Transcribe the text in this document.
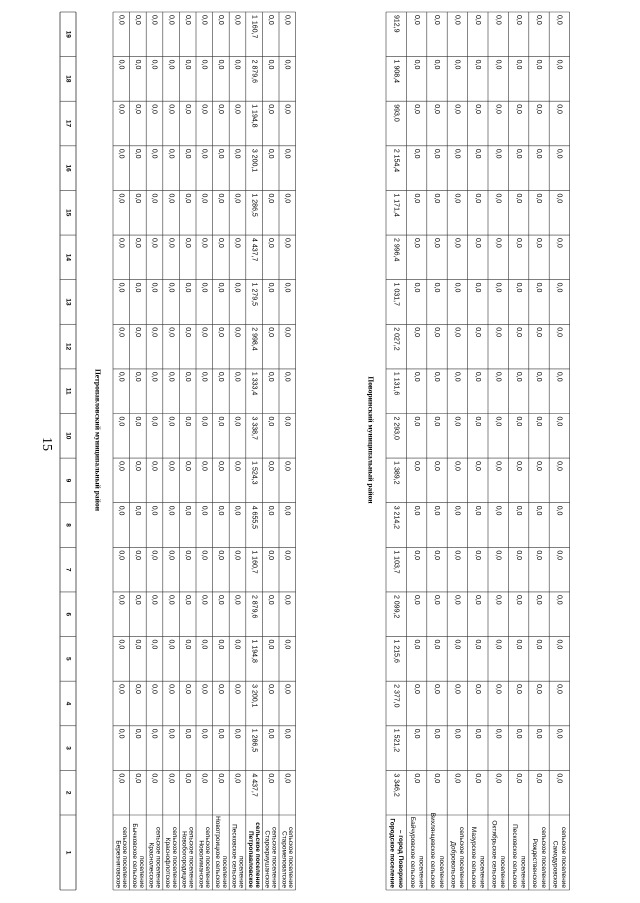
15	Петропавловский муниципальный район	Поворинский муниципальный район
1
2
3
4
5
6
7
8
9
10
11
12
13
14
15
16
17
18
19
Березняговское сельское поселение
0,0
0,0
0,0
0,0
0,0
0,0
0,0
0,0
0,0
0,0
0,0
0,0
0,0
0,0
0,0
0,0
0,0
0,0
Бычковское сельское поселение
0,0
0,0
0,0
0,0
0,0
0,0
0,0
0,0
0,0
0,0
0,0
0,0
0,0
0,0
0,0
0,0
0,0
0,0
Краснолесское сельское поселение
0,0
0,0
0,0
0,0
0,0
0,0
0,0
0,0
0,0
0,0
0,0
0,0
0,0
0,0
0,0
0,0
0,0
0,0
Краснофлотское сельское поселение
0,0
0,0
0,0
0,0
0,0
0,0
0,0
0,0
0,0
0,0
0,0
0,0
0,0
0,0
0,0
0,0
0,0
0,0
Новобогородицкое сельское поселение
0,0
0,0
0,0
0,0
0,0
0,0
0,0
0,0
0,0
0,0
0,0
0,0
0,0
0,0
0,0
0,0
0,0
0,0
Новолиманское сельское поселение
0,0
0,0
0,0
0,0
0,0
0,0
0,0
0,0
0,0
0,0
0,0
0,0
0,0
0,0
0,0
0,0
0,0
0,0
Новотроицкое сельское поселение
0,0
0,0
0,0
0,0
0,0
0,0
0,0
0,0
0,0
0,0
0,0
0,0
0,0
0,0
0,0
0,0
0,0
0,0
Песковское сельское поселение
0,0
0,0
0,0
0,0
0,0
0,0
0,0
0,0
0,0
0,0
0,0
0,0
0,0
0,0
0,0
0,0
0,0
0,0
Петропавловское сельское поселение
4 437,7
1 286,5
3 200,1
1 194,8
2 879,6
1 160,7
4 655,5
1 524,3
3 338,7
1 333,4
2 998,4
1 279,5
4 437,7
1 286,5
3 200,1
1 194,8
2 879,6
1 160,7
Старокриушанское сельское поселение
0,0
0,0
0,0
0,0
0,0
0,0
0,0
0,0
0,0
0,0
0,0
0,0
0,0
0,0
0,0
0,0
0,0
0,0
Старомеловатское сельское поселение
0,0
0,0
0,0
0,0
0,0
0,0
0,0
0,0
0,0
0,0
0,0
0,0
0,0
0,0
0,0
0,0
0,0
0,0
Городское поселение – город Поворино
3 346,2
1 521,2
2 377,0
1 215,6
2 099,2
1 103,7
3 214,2
1 389,2
2 293,0
1 131,6
2 027,2
1 031,7
2 996,4
1 171,4
2 154,4
993,0
1 908,4
912,9
Байчуровское сельское поселение
0,0
0,0
0,0
0,0
0,0
0,0
0,0
0,0
0,0
0,0
0,0
0,0
0,0
0,0
0,0
0,0
0,0
0,0
Вихлянцевское сельское поселение
0,0
0,0
0,0
0,0
0,0
0,0
0,0
0,0
0,0
0,0
0,0
0,0
0,0
0,0
0,0
0,0
0,0
0,0
Добровольское сельское поселение
0,0
0,0
0,0
0,0
0,0
0,0
0,0
0,0
0,0
0,0
0,0
0,0
0,0
0,0
0,0
0,0
0,0
0,0
Мазурское сельское поселение
0,0
0,0
0,0
0,0
0,0
0,0
0,0
0,0
0,0
0,0
0,0
0,0
0,0
0,0
0,0
0,0
0,0
0,0
Октябрьское сельское поселение
0,0
0,0
0,0
0,0
0,0
0,0
0,0
0,0
0,0
0,0
0,0
0,0
0,0
0,0
0,0
0,0
0,0
0,0
Песковское сельское поселение
0,0
0,0
0,0
0,0
0,0
0,0
0,0
0,0
0,0
0,0
0,0
0,0
0,0
0,0
0,0
0,0
0,0
0,0
Рождественское сельское поселение
0,0
0,0
0,0
0,0
0,0
0,0
0,0
0,0
0,0
0,0
0,0
0,0
0,0
0,0
0,0
0,0
0,0
0,0
Самодуровское сельское поселение
0,0
0,0
0,0
0,0
0,0
0,0
0,0
0,0
0,0
0,0
0,0
0,0
0,0
0,0
0,0
0,0
0,0
0,0
